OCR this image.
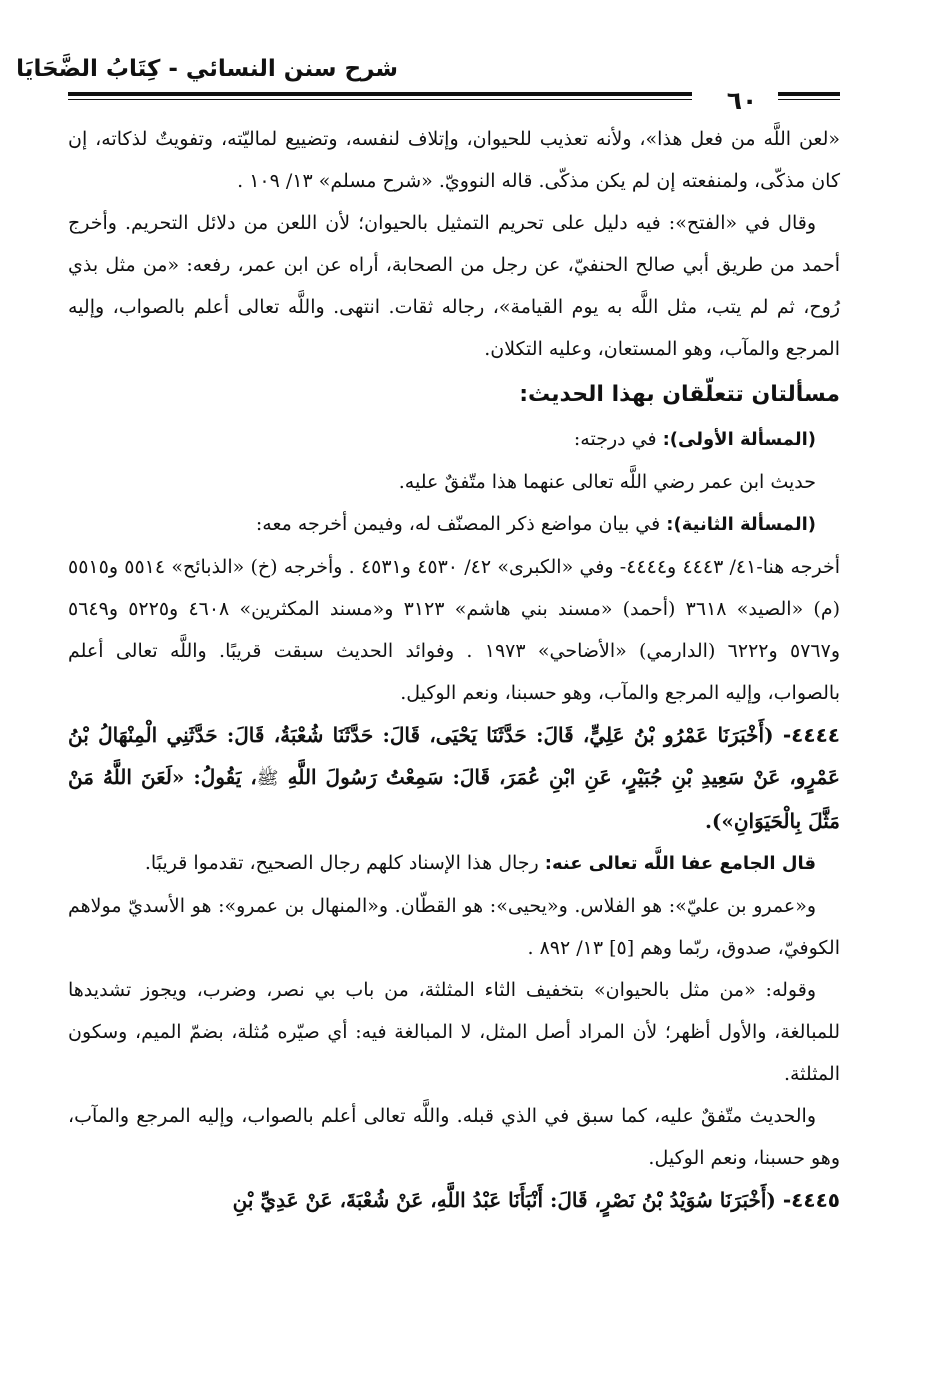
شرح سنن النسائي - كِتَابُ الضَّحَايَا
٦٠

«لعن اللَّه من فعل هذا»، ولأنه تعذيب للحيوان، وإتلاف لنفسه، وتضييع لماليّته، وتفويتٌ لذكاته، إن كان مذكّى، ولمنفعته إن لم يكن مذكّى. قاله النوويّ. «شرح مسلم» ١٣/ ١٠٩ .

وقال في «الفتح»: فيه دليل على تحريم التمثيل بالحيوان؛ لأن اللعن من دلائل التحريم. وأخرج أحمد من طريق أبي صالح الحنفيّ، عن رجل من الصحابة، أراه عن ابن عمر، رفعه: «من مثل بذي رُوح، ثم لم يتب، مثل اللَّه به يوم القيامة»، رجاله ثقات. انتهى. واللَّه تعالى أعلم بالصواب، وإليه المرجع والمآب، وهو المستعان، وعليه التكلان.

مسألتان تتعلّقان بهذا الحديث:

(المسألة الأولى): في درجته:

حديث ابن عمر رضي اللَّه تعالى عنهما هذا متّفقٌ عليه.

(المسألة الثانية): في بيان مواضع ذكر المصنّف له، وفيمن أخرجه معه:

أخرجه هنا-٤١/ ٤٤٤٣ و٤٤٤٤- وفي «الكبرى» ٤٢/ ٤٥٣٠ و٤٥٣١ . وأخرجه (خ) «الذبائح» ٥٥١٤ و٥٥١٥ (م) «الصيد» ٣٦١٨ (أحمد) «مسند بني هاشم» ٣١٢٣ و«مسند المكثرين» ٤٦٠٨ و٥٢٢٥ و٥٦٤٩ و٥٧٦٧ و٦٢٢٢ (الدارمي) «الأضاحي» ١٩٧٣ . وفوائد الحديث سبقت قريبًا. واللَّه تعالى أعلم بالصواب، وإليه المرجع والمآب، وهو حسبنا، ونعم الوكيل.

٤٤٤٤- (أَخْبَرَنَا عَمْرُو بْنُ عَلِيٍّ، قَالَ: حَدَّثَنَا يَحْيَى، قَالَ: حَدَّثَنَا شُعْبَةُ، قَالَ: حَدَّثَنِي الْمِنْهَالُ بْنُ عَمْرٍو، عَنْ سَعِيدِ بْنِ جُبَيْرٍ، عَنِ ابْنِ عُمَرَ، قَالَ: سَمِعْتُ رَسُولَ اللَّهِ ﷺ، يَقُولُ: «لَعَنَ اللَّهُ مَنْ مَثَّلَ بِالْحَيَوَانِ»).

قال الجامع عفا اللَّه تعالى عنه: رجال هذا الإسناد كلهم رجال الصحيح، تقدموا قريبًا.

و«عمرو بن عليّ»: هو الفلاس. و«يحيى»: هو القطّان. و«المنهال بن عمرو»: هو الأسديّ مولاهم الكوفيّ، صدوق، ربّما وهم [٥] ١٣/ ٨٩٢ .

وقوله: «من مثل بالحيوان» بتخفيف الثاء المثلثة، من باب بي نصر، وضرب، ويجوز تشديدها للمبالغة، والأول أظهر؛ لأن المراد أصل المثل، لا المبالغة فيه: أي صيّره مُثلة، بضمّ الميم، وسكون المثلثة.

والحديث متّفقٌ عليه، كما سبق في الذي قبله. واللَّه تعالى أعلم بالصواب، وإليه المرجع والمآب، وهو حسبنا، ونعم الوكيل.

٤٤٤٥- (أَخْبَرَنَا سُوَيْدُ بْنُ نَصْرٍ، قَالَ: أَنْبَأَنَا عَبْدُ اللَّهِ، عَنْ شُعْبَةَ، عَنْ عَدِيِّ بْنِ
